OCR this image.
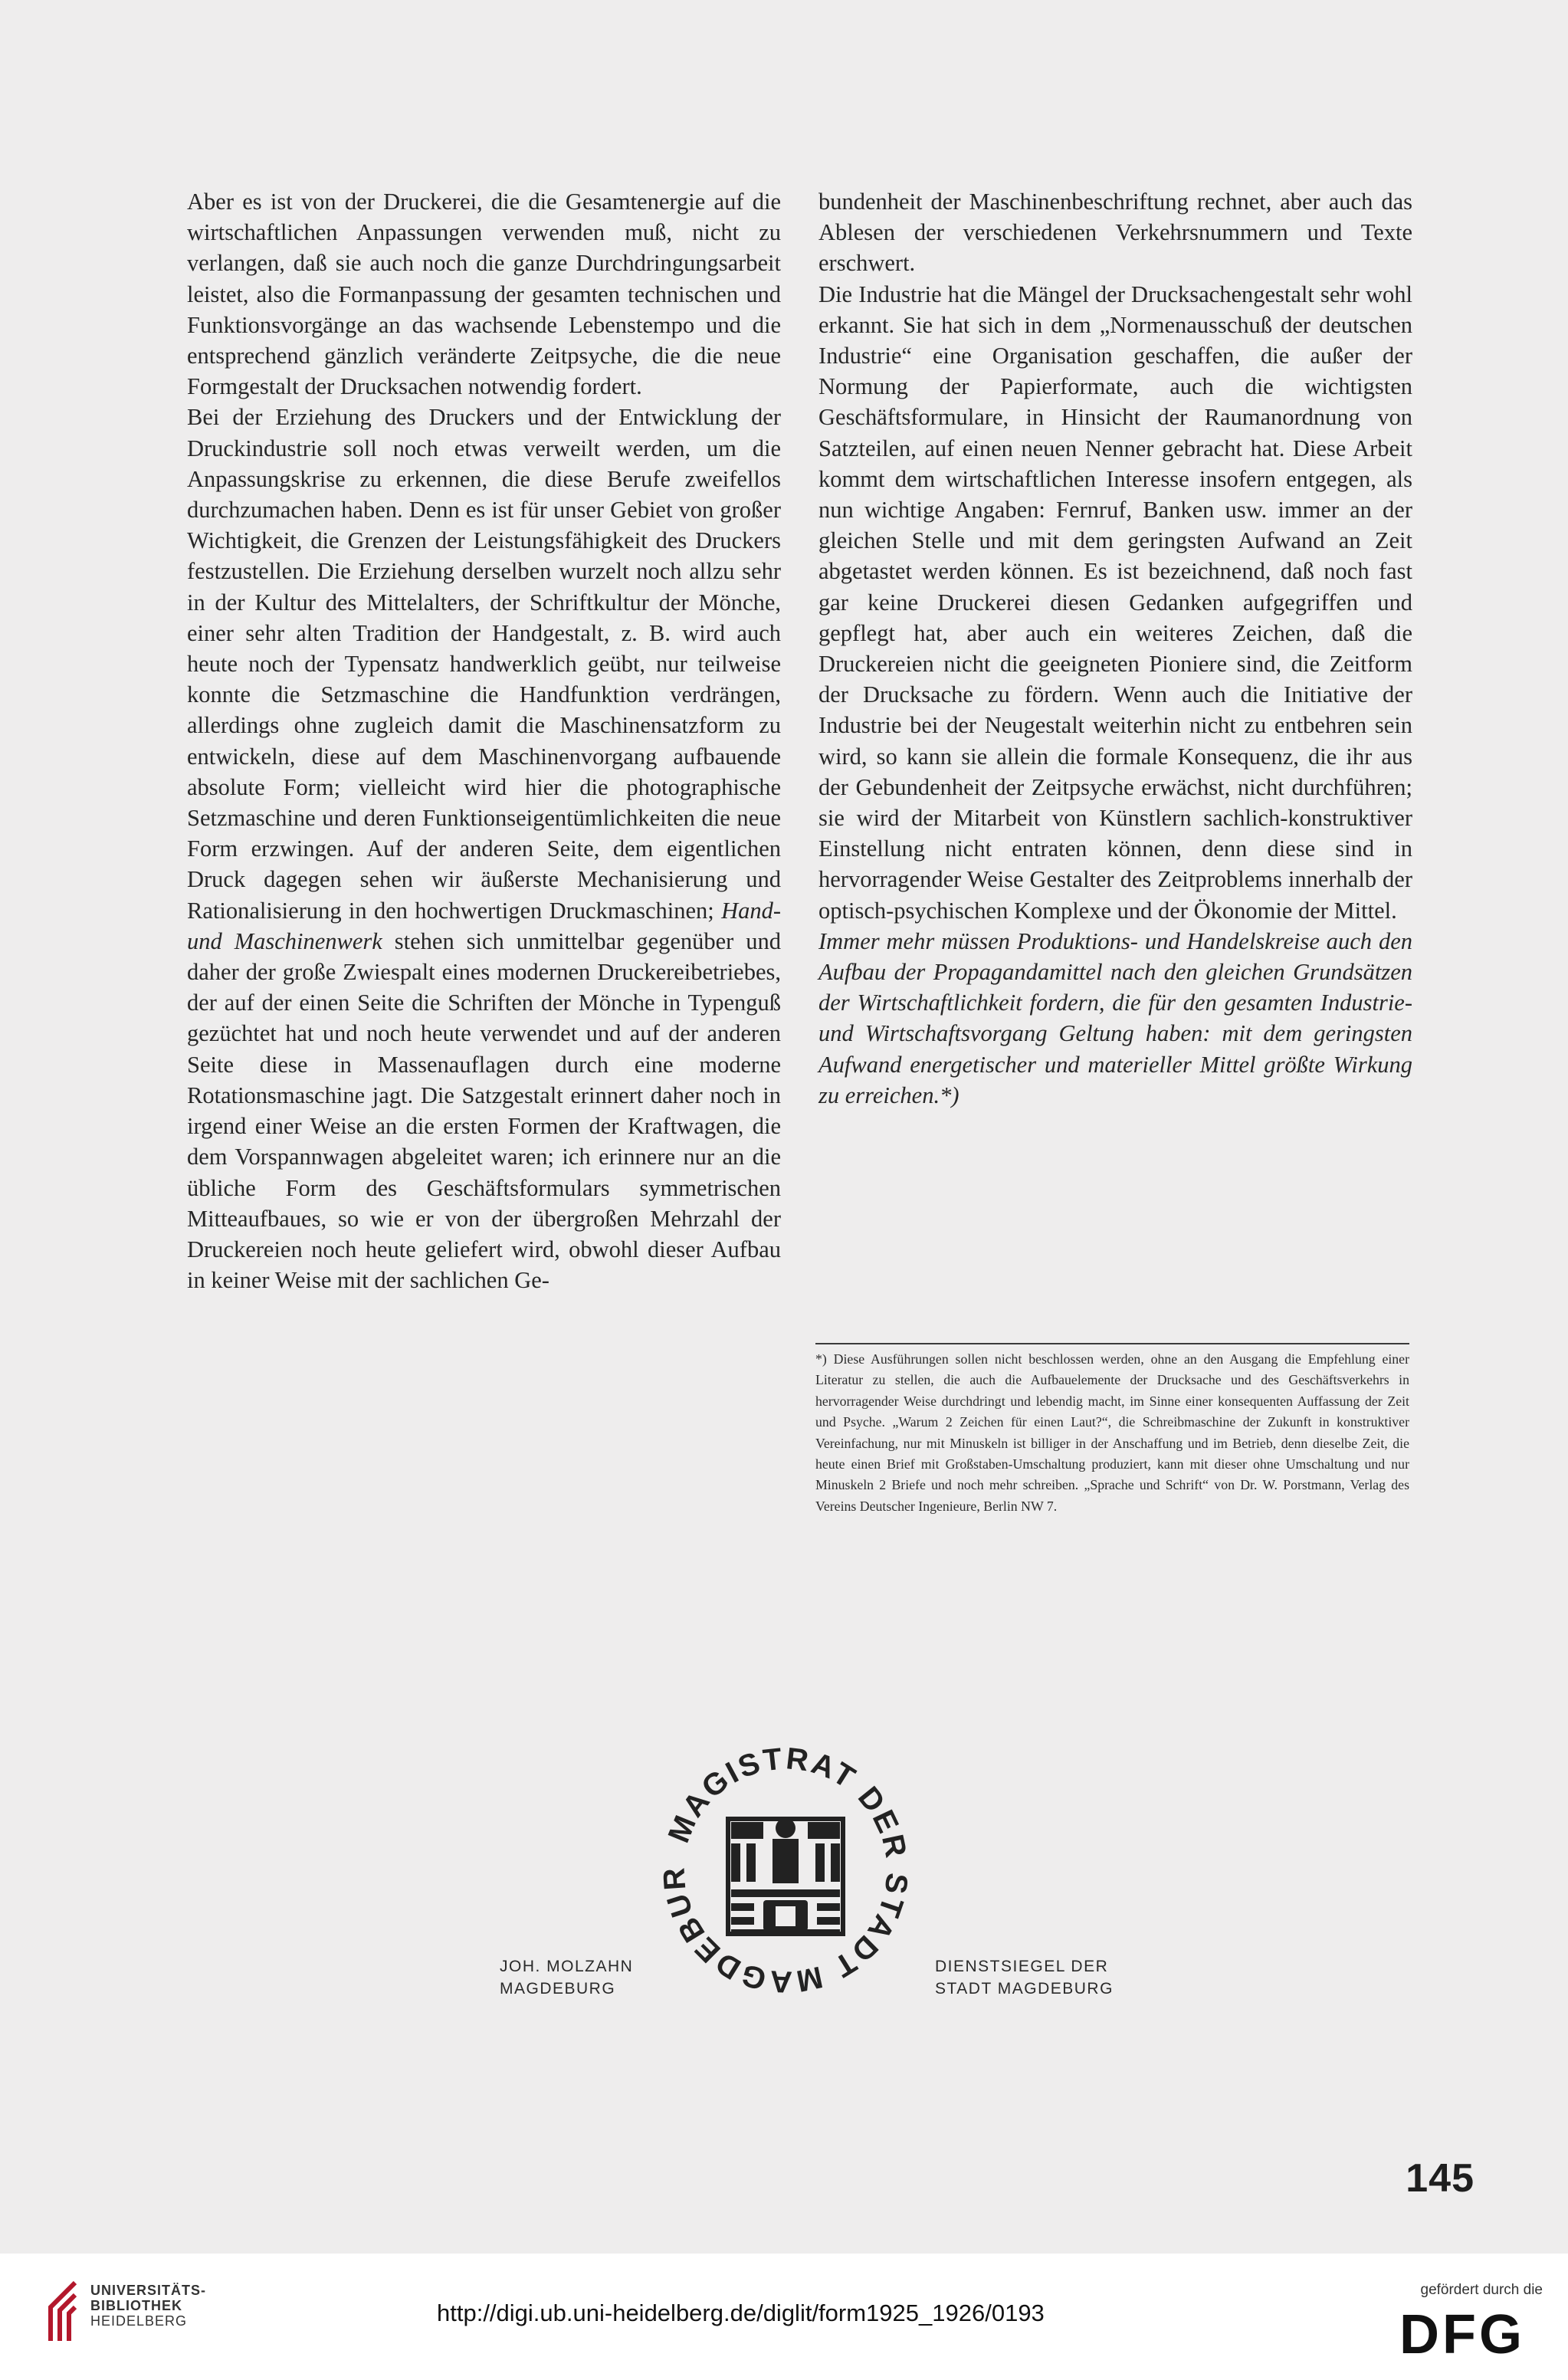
Aber es ist von der Druckerei, die die Gesamtenergie auf die wirtschaftlichen Anpassungen verwenden muß, nicht zu verlangen, daß sie auch noch die ganze Durchdringungsarbeit leistet, also die Formanpassung der gesamten technischen und Funktionsvorgänge an das wachsende Lebenstempo und die entsprechend gänzlich veränderte Zeitpsyche, die die neue Formgestalt der Drucksachen notwendig fordert.

Bei der Erziehung des Druckers und der Entwicklung der Druckindustrie soll noch etwas verweilt werden, um die Anpassungskrise zu erkennen, die diese Berufe zweifellos durchzumachen haben. Denn es ist für unser Gebiet von großer Wichtigkeit, die Grenzen der Leistungsfähigkeit des Druckers festzustellen. Die Erziehung derselben wurzelt noch allzu sehr in der Kultur des Mittelalters, der Schriftkultur der Mönche, einer sehr alten Tradition der Handgestalt, z. B. wird auch heute noch der Typensatz handwerklich geübt, nur teilweise konnte die Setzmaschine die Handfunktion verdrängen, allerdings ohne zugleich damit die Maschinensatzform zu entwickeln, diese auf dem Maschinenvorgang aufbauende absolute Form; vielleicht wird hier die photographische Setzmaschine und deren Funktionseigentümlichkeiten die neue Form erzwingen. Auf der anderen Seite, dem eigentlichen Druck dagegen sehen wir äußerste Mechanisierung und Rationalisierung in den hochwertigen Druckmaschinen; Hand- und Maschinenwerk stehen sich unmittelbar gegenüber und daher der große Zwiespalt eines modernen Druckereibetriebes, der auf der einen Seite die Schriften der Mönche in Typenguß gezüchtet hat und noch heute verwendet und auf der anderen Seite diese in Massenauflagen durch eine moderne Rotationsmaschine jagt. Die Satzgestalt erinnert daher noch in irgend einer Weise an die ersten Formen der Kraftwagen, die dem Vorspannwagen abgeleitet waren; ich erinnere nur an die übliche Form des Geschäftsformulars symmetrischen Mitteaufbaues, so wie er von der übergroßen Mehrzahl der Druckereien noch heute geliefert wird, obwohl dieser Aufbau in keiner Weise mit der sachlichen Ge-

bundenheit der Maschinenbeschriftung rechnet, aber auch das Ablesen der verschiedenen Verkehrsnummern und Texte erschwert.

Die Industrie hat die Mängel der Drucksachengestalt sehr wohl erkannt. Sie hat sich in dem „Normenausschuß der deutschen Industrie“ eine Organisation geschaffen, die außer der Normung der Papierformate, auch die wichtigsten Geschäftsformulare, in Hinsicht der Raumanordnung von Satzteilen, auf einen neuen Nenner gebracht hat. Diese Arbeit kommt dem wirtschaftlichen Interesse insofern entgegen, als nun wichtige Angaben: Fernruf, Banken usw. immer an der gleichen Stelle und mit dem geringsten Aufwand an Zeit abgetastet werden können. Es ist bezeichnend, daß noch fast gar keine Druckerei diesen Gedanken aufgegriffen und gepflegt hat, aber auch ein weiteres Zeichen, daß die Druckereien nicht die geeigneten Pioniere sind, die Zeitform der Drucksache zu fördern. Wenn auch die Initiative der Industrie bei der Neugestalt weiterhin nicht zu entbehren sein wird, so kann sie allein die formale Konsequenz, die ihr aus der Gebundenheit der Zeitpsyche erwächst, nicht durchführen; sie wird der Mitarbeit von Künstlern sachlich-konstruktiver Einstellung nicht entraten können, denn diese sind in hervorragender Weise Gestalter des Zeitproblems innerhalb der optisch-psychischen Komplexe und der Ökonomie der Mittel.

Immer mehr müssen Produktions- und Handelskreise auch den Aufbau der Propagandamittel nach den gleichen Grundsätzen der Wirtschaftlichkeit fordern, die für den gesamten Industrie- und Wirtschaftsvorgang Geltung haben: mit dem geringsten Aufwand energetischer und materieller Mittel größte Wirkung zu erreichen.*)

*) Diese Ausführungen sollen nicht beschlossen werden, ohne an den Ausgang die Empfehlung einer Literatur zu stellen, die auch die Aufbauelemente der Drucksache und des Geschäftsverkehrs in hervorragender Weise durchdringt und lebendig macht, im Sinne einer konsequenten Auffassung der Zeit und Psyche. „Warum 2 Zeichen für einen Laut?“, die Schreibmaschine der Zukunft in konstruktiver Vereinfachung, nur mit Minuskeln ist billiger in der Anschaffung und im Betrieb, denn dieselbe Zeit, die heute einen Brief mit Großstaben-Umschaltung produziert, kann mit dieser ohne Umschaltung und nur Minuskeln 2 Briefe und noch mehr schreiben. „Sprache und Schrift“ von Dr. W. Porstmann, Verlag des Vereins Deutscher Ingenieure, Berlin NW 7.
MAGISTRAT DER STADT MAGDEBUR
JOH. MOLZAHN
MAGDEBURG
DIENSTSIEGEL DER
STADT MAGDEBURG
145
UNIVERSITÄTS-
BIBLIOTHEK
HEIDELBERG	http://digi.ub.uni-heidelberg.de/diglit/form1925_1926/0193
gefördert durch die
DFG
